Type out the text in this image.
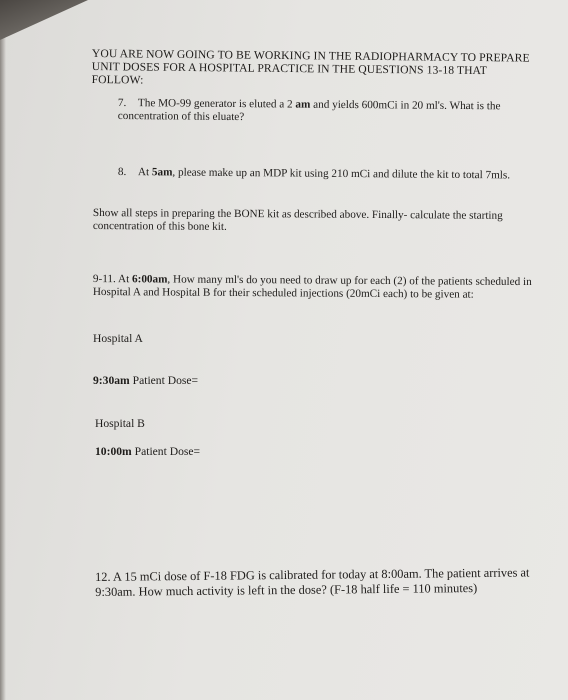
YOU ARE NOW GOING TO BE WORKING IN THE RADIOPHARMACY TO PREPARE UNIT DOSES FOR A HOSPITAL PRACTICE IN THE QUESTIONS 13-18 THAT FOLLOW:
7. The MO-99 generator is eluted a 2 am and yields 600mCi in 20 ml's. What is the concentration of this eluate?
8. At 5am, please make up an MDP kit using 210 mCi and dilute the kit to total 7mls.
Show all steps in preparing the BONE kit as described above. Finally- calculate the starting concentration of this bone kit.
9-11. At 6:00am, How many ml's do you need to draw up for each (2) of the patients scheduled in Hospital A and Hospital B for their scheduled injections (20mCi each) to be given at:
Hospital A
9:30am Patient Dose=
Hospital B
10:00m Patient Dose=
12. A 15 mCi dose of F-18 FDG is calibrated for today at 8:00am. The patient arrives at 9:30am. How much activity is left in the dose? (F-18 half life = 110 minutes)
